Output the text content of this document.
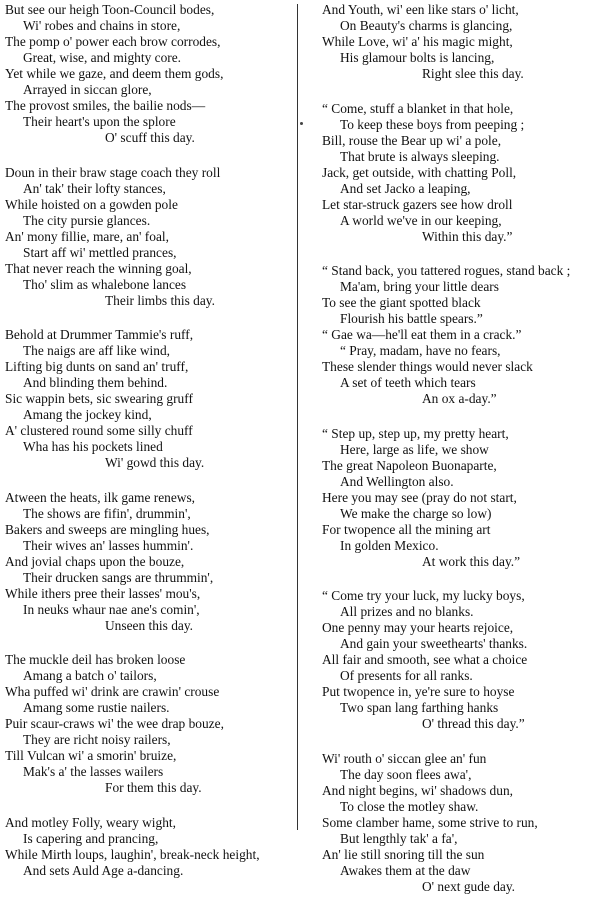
But see our heigh Toon-Council bodes,
Wi' robes and chains in store,
The pomp o' power each brow corrodes,
Great, wise, and mighty core.
Yet while we gaze, and deem them gods,
Arrayed in siccan glore,
The provost smiles, the bailie nods—
Their heart's upon the splore
O' scuff this day.
Doun in their braw stage coach they roll
An' tak' their lofty stances,
While hoisted on a gowden pole
The city pursie glances.
An' mony fillie, mare, an' foal,
Start aff wi' mettled prances,
That never reach the winning goal,
Tho' slim as whalebone lances
Their limbs this day.
Behold at Drummer Tammie's ruff,
The naigs are aff like wind,
Lifting big dunts on sand an' truff,
And blinding them behind.
Sic wappin bets, sic swearing gruff
Amang the jockey kind,
A' clustered round some silly chuff
Wha has his pockets lined
Wi' gowd this day.
Atween the heats, ilk game renews,
The shows are fifin', drummin',
Bakers and sweeps are mingling hues,
Their wives an' lasses hummin'.
And jovial chaps upon the bouze,
Their drucken sangs are thrummin',
While ithers pree their lasses' mou's,
In neuks whaur nae ane's comin',
Unseen this day.
The muckle deil has broken loose
Amang a batch o' tailors,
Wha puffed wi' drink are crawin' crouse
Amang some rustie nailers.
Puir scaur-craws wi' the wee drap bouze,
They are richt noisy railers,
Till Vulcan wi' a smorin' bruize,
Mak's a' the lasses wailers
For them this day.
And motley Folly, weary wight,
Is capering and prancing,
While Mirth loups, laughin', break-neck height,
And sets Auld Age a-dancing.
And Youth, wi' een like stars o' licht,
On Beauty's charms is glancing,
While Love, wi' a' his magic might,
His glamour bolts is lancing,
Right slee this day.
“ Come, stuff a blanket in that hole,
To keep these boys from peeping ;
Bill, rouse the Bear up wi' a pole,
That brute is always sleeping.
Jack, get outside, with chatting Poll,
And set Jacko a leaping,
Let star-struck gazers see how droll
A world we've in our keeping,
Within this day.”
“ Stand back, you tattered rogues, stand back ;
Ma'am, bring your little dears
To see the giant spotted black
Flourish his battle spears.”
“ Gae wa—he'll eat them in a crack.”
“ Pray, madam, have no fears,
These slender things would never slack
A set of teeth which tears
An ox a-day.”
“ Step up, step up, my pretty heart,
Here, large as life, we show
The great Napoleon Buonaparte,
And Wellington also.
Here you may see (pray do not start,
We make the charge so low)
For twopence all the mining art
In golden Mexico.
At work this day.”
“ Come try your luck, my lucky boys,
All prizes and no blanks.
One penny may your hearts rejoice,
And gain your sweethearts' thanks.
All fair and smooth, see what a choice
Of presents for all ranks.
Put twopence in, ye're sure to hoyse
Two span lang farthing hanks
O' thread this day.”
Wi' routh o' siccan glee an' fun
The day soon flees awa',
And night begins, wi' shadows dun,
To close the motley shaw.
Some clamber hame, some strive to run,
But lengthly tak' a fa',
An' lie still snoring till the sun
Awakes them at the daw
O' next gude day.
